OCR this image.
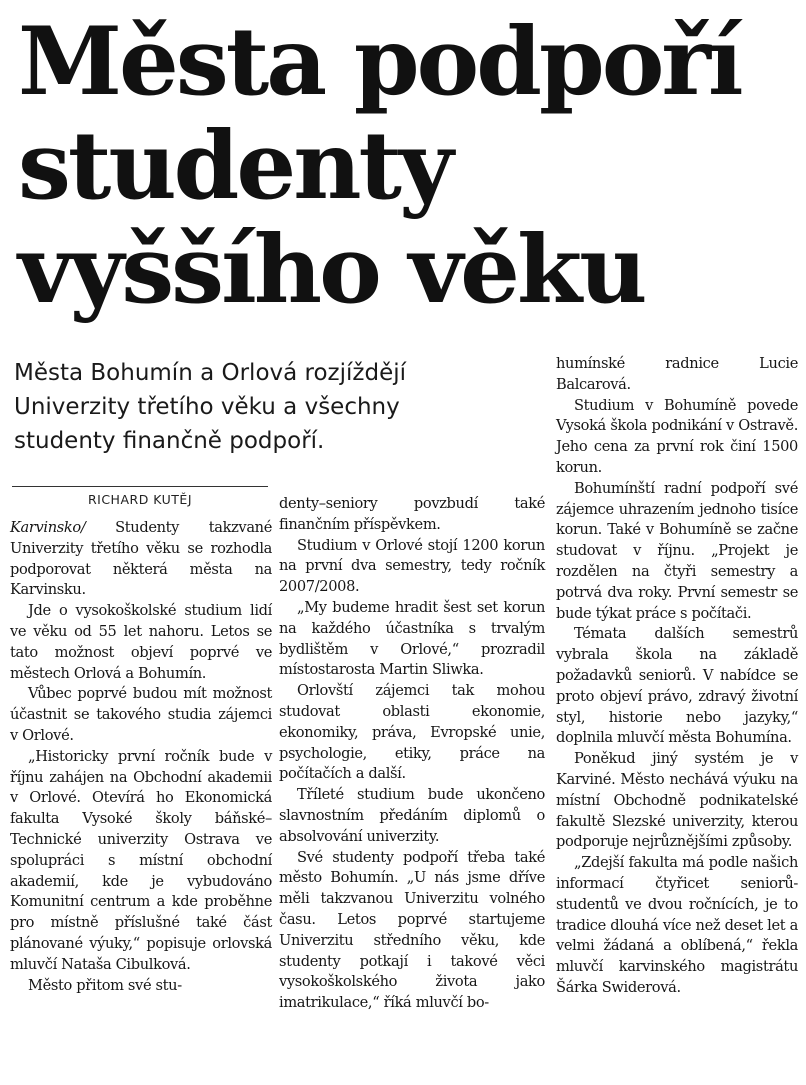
Města podpoří
studenty
vyššího věku
Města Bohumín a Orlová rozjíždějí
Univerzity třetího věku a všechny
studenty finančně podpoří.
RICHARD KUTĚJ

Karvinsko/ Studenty takzvané Univerzity třetího věku se rozhodla podporovat některá města na Karvinsku.

Jde o vysokoškolské studium lidí ve věku od 55 let nahoru. Letos se tato možnost objeví poprvé ve městech Orlová a Bohumín.

Vůbec poprvé budou mít možnost účastnit se takového studia zájemci v Orlové.

„Historicky první ročník bude v říjnu zahájen na Obchodní akademii v Orlové. Otevírá ho Ekonomická fakulta Vysoké školy báňské–Technické univerzity Ostrava ve spolupráci s místní obchodní akademií, kde je vybudováno Komunitní centrum a kde proběhne pro místně příslušné také část plánované výuky,“ popisuje orlovská mluvčí Nataša Cibulková.

Město přitom své stu-

denty–seniory povzbudí také finančním příspěvkem.

Studium v Orlové stojí 1200 korun na první dva semestry, tedy ročník 2007/2008.

„My budeme hradit šest set korun na každého účastníka s trvalým bydlištěm v Orlové,“ prozradil místostarosta Martin Sliwka.

Orlovští zájemci tak mohou studovat oblasti ekonomie, ekonomiky, práva, Evropské unie, psychologie, etiky, práce na počítačích a další.

Tříleté studium bude ukončeno slavnostním předáním diplomů o absolvování univerzity.

Své studenty podpoří třeba také město Bohumín. „U nás jsme dříve měli takzvanou Univerzitu volného času. Letos poprvé startujeme Univerzitu středního věku, kde studenty potkají i takové věci vysokoškolského života jako imatrikulace,“ říká mluvčí bo-

humínské radnice Lucie Balcarová.

Studium v Bohumíně povede Vysoká škola podnikání v Ostravě. Jeho cena za první rok činí 1500 korun.

Bohumínští radní podpoří své zájemce uhrazením jednoho tisíce korun. Také v Bohumíně se začne studovat v říjnu. „Projekt je rozdělen na čtyři semestry a potrvá dva roky. První semestr se bude týkat práce s počítači.

Témata dalších semestrů vybrala škola na základě požadavků seniorů. V nabídce se proto objeví právo, zdravý životní styl, historie nebo jazyky,“ doplnila mluvčí města Bohumína.

Poněkud jiný systém je v Karviné. Město nechává výuku na místní Obchodně podnikatelské fakultě Slezské univerzity, kterou podporuje nejrůznějšími způsoby.

„Zdejší fakulta má podle našich informací čtyřicet seniorů-studentů ve dvou ročnících, je to tradice dlouhá více než deset let a velmi žádaná a oblíbená,“ řekla mluvčí karvinského magistrátu Šárka Swiderová.
